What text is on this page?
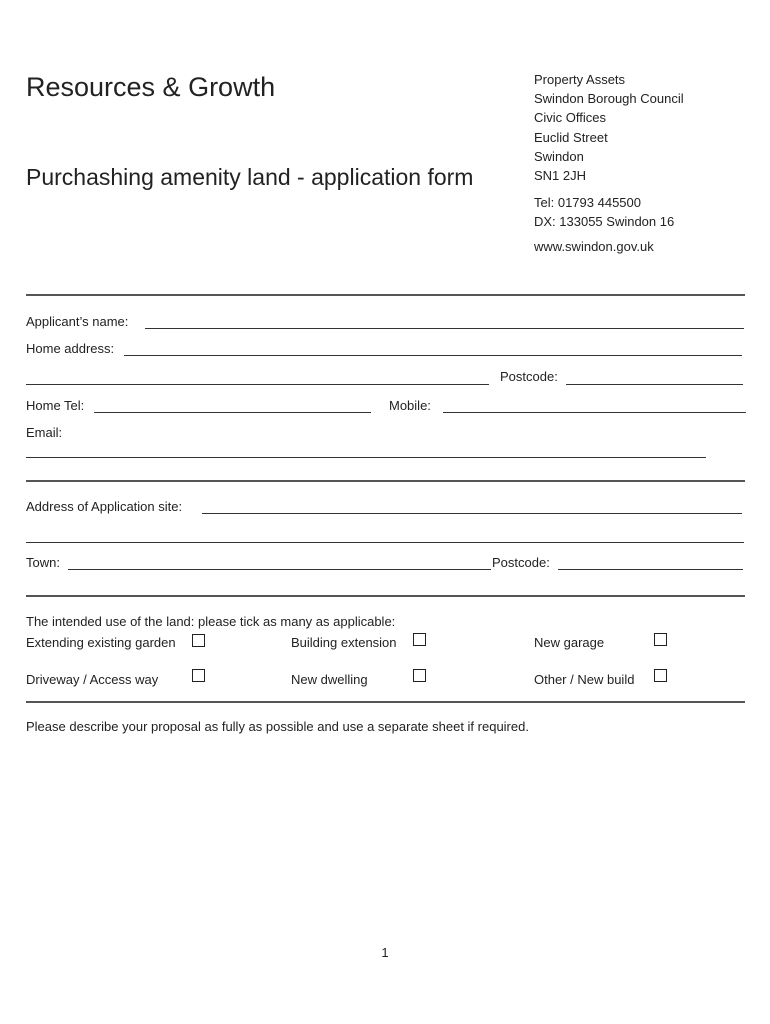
Resources & Growth
Purchashing amenity land - application form
Property Assets
Swindon Borough Council
Civic Offices
Euclid Street
Swindon
SN1 2JH
Tel: 01793 445500
DX: 133055 Swindon 16
www.swindon.gov.uk
Applicant’s name:
Home address:
Postcode:
Home Tel:	Mobile:
Email:
Address of Application site:
Town:	Postcode:
The intended use of the land: please tick as many as applicable:
Extending existing garden	Building extension	New garage
Driveway / Access way	New dwelling	Other / New build
Please describe your proposal as fully as possible and use a separate sheet if required.
1
